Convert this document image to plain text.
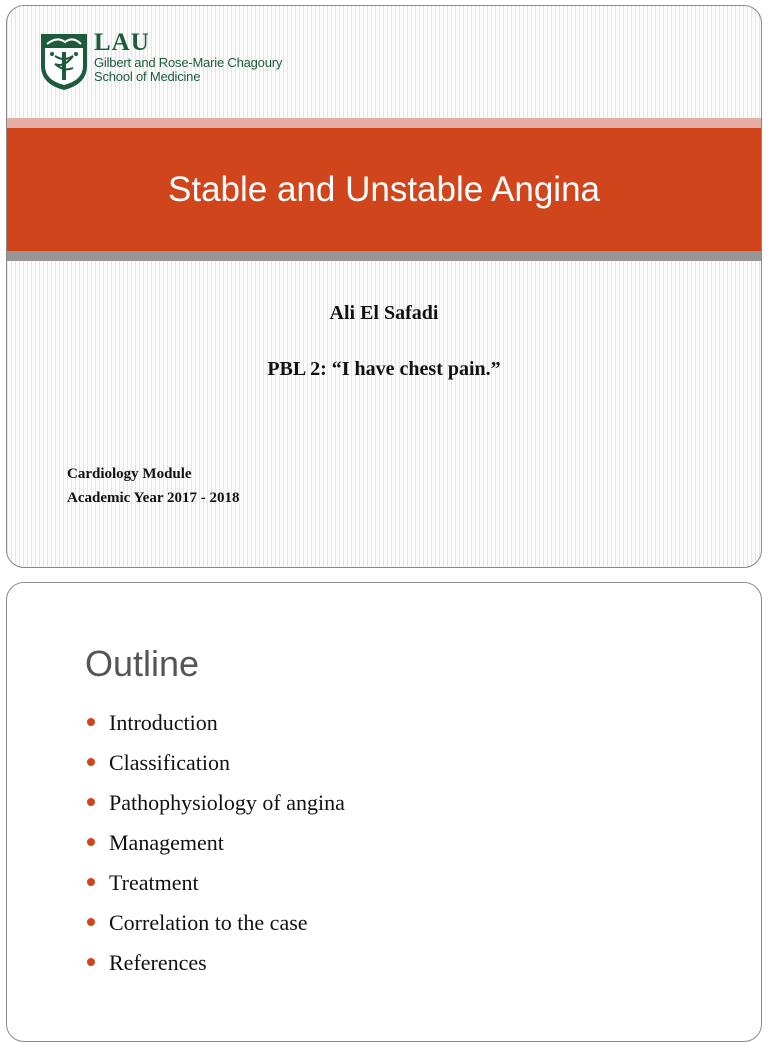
LAU
Gilbert and Rose-Marie Chagoury
School of Medicine
Stable and Unstable Angina
Ali El Safadi
PBL 2: “I have chest pain.”
Cardiology Module
Academic Year 2017 - 2018
Outline
Introduction
Classification
Pathophysiology of angina
Management
Treatment
Correlation to the case
References
